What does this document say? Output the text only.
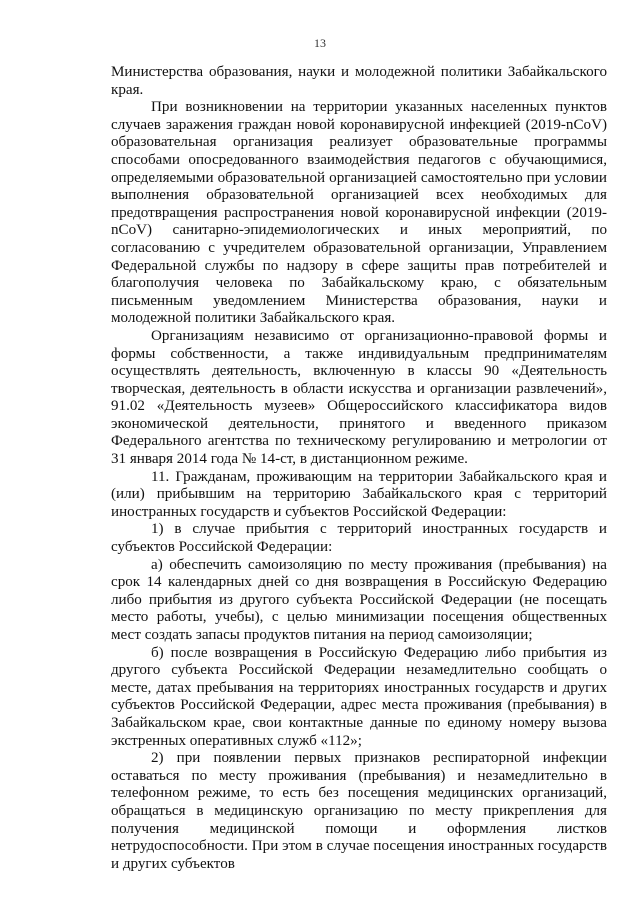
13

Министерства образования, науки и молодежной политики Забайкальского края.

При возникновении на территории указанных населенных пунктов случаев заражения граждан новой коронавирусной инфекцией (2019-nCoV) образовательная организация реализует образовательные программы способами опосредованного взаимодействия педагогов с обучающимися, определяемыми образовательной организацией самостоятельно при условии выполнения образовательной организацией всех необходимых для предотвращения распространения новой коронавирусной инфекции (2019-nCoV) санитарно-эпидемиологических и иных мероприятий, по согласованию с учредителем образовательной организации, Управлением Федеральной службы по надзору в сфере защиты прав потребителей и благополучия человека по Забайкальскому краю, с обязательным письменным уведомлением Министерства образования, науки и молодежной политики Забайкальского края.

Организациям независимо от организационно-правовой формы и формы собственности, а также индивидуальным предпринимателям осуществлять деятельность, включенную в классы 90 «Деятельность творческая, деятельность в области искусства и организации развлечений», 91.02 «Деятельность музеев» Общероссийского классификатора видов экономической деятельности, принятого и введенного приказом Федерального агентства по техническому регулированию и метрологии от 31 января 2014 года № 14-ст, в дистанционном режиме.

11. Гражданам, проживающим на территории Забайкальского края и (или) прибывшим на территорию Забайкальского края с территорий иностранных государств и субъектов Российской Федерации:

1) в случае прибытия с территорий иностранных государств и субъектов Российской Федерации:

а) обеспечить самоизоляцию по месту проживания (пребывания) на срок 14 календарных дней со дня возвращения в Российскую Федерацию либо прибытия из другого субъекта Российской Федерации (не посещать место работы, учебы), с целью минимизации посещения общественных мест создать запасы продуктов питания на период самоизоляции;

б) после возвращения в Российскую Федерацию либо прибытия из другого субъекта Российской Федерации незамедлительно сообщать о месте, датах пребывания на территориях иностранных государств и других субъектов Российской Федерации, адрес места проживания (пребывания) в Забайкальском крае, свои контактные данные по единому номеру вызова экстренных оперативных служб «112»;

2) при появлении первых признаков респираторной инфекции оставаться по месту проживания (пребывания) и незамедлительно в телефонном режиме, то есть без посещения медицинских организаций, обращаться в медицинскую организацию по месту прикрепления для получения медицинской помощи и оформления листков нетрудоспособности. При этом в случае посещения иностранных государств и других субъектов
